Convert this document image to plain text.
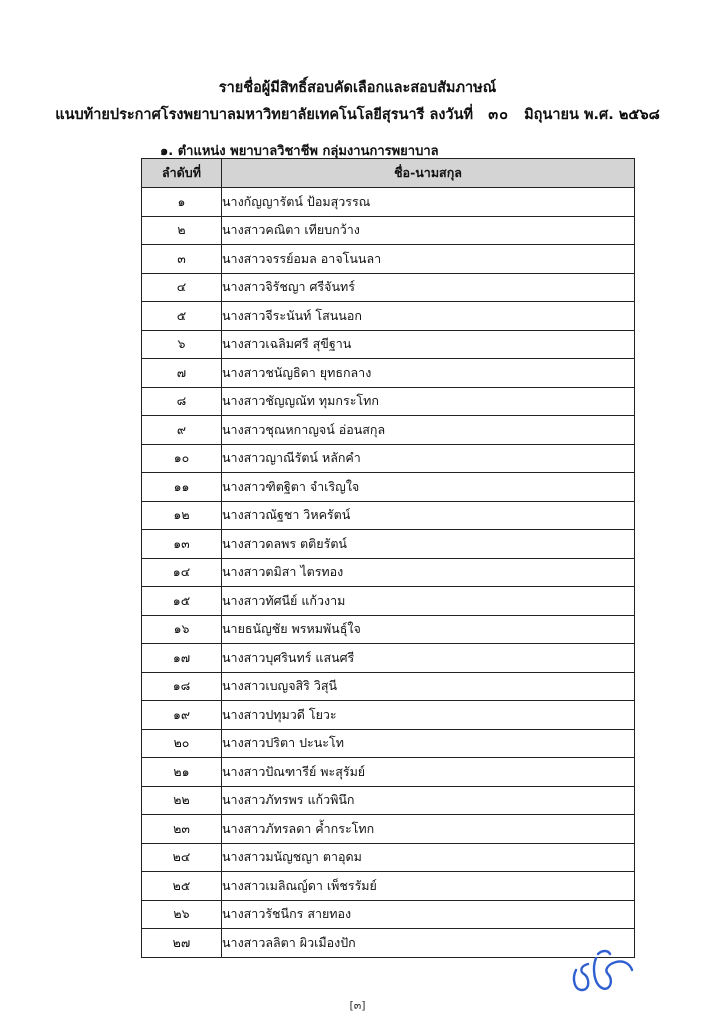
รายชื่อผู้มีสิทธิ์สอบคัดเลือกและสอบสัมภาษณ์
แนบท้ายประกาศโรงพยาบาลมหาวิทยาลัยเทคโนโลยีสุรนารี ลงวันที่ ๓๐ มิถุนายน พ.ศ. ๒๕๖๘
๑. ตำแหน่ง พยาบาลวิชาชีพ กลุ่มงานการพยาบาล
ลำดับที่	ชื่อ-นามสกุล
๑	นางกัญญารัตน์ ป้อมสุวรรณ
๒	นางสาวคณิตา เทียบกว้าง
๓	นางสาวจรรย์อมล อาจโนนลา
๔	นางสาวจิรัชญา ศรีจันทร์
๕	นางสาวจีระนันท์ โสนนอก
๖	นางสาวเฉลิมศรี สุขีฐาน
๗	นางสาวชนัญธิดา ยุทธกลาง
๘	นางสาวชัญญณัท ทุมกระโทก
๙	นางสาวชุณหกาญจน์ อ่อนสกุล
๑๐	นางสาวญาณีรัตน์ หลักคำ
๑๑	นางสาวฑิตฐิตา จำเริญใจ
๑๒	นางสาวณัฐชา วิหครัตน์
๑๓	นางสาวดลพร ตติยรัตน์
๑๔	นางสาวตมิสา ไตรทอง
๑๕	นางสาวทัศนีย์ แก้วงาม
๑๖	นายธนัญชัย พรหมพันธุ์ใจ
๑๗	นางสาวบุศรินทร์ แสนศรี
๑๘	นางสาวเบญจสิริ วิสุนี
๑๙	นางสาวปทุมวดี โยวะ
๒๐	นางสาวปริตา ปะนะโท
๒๑	นางสาวปัณฑารีย์ พะสุรัมย์
๒๒	นางสาวภัทรพร แก้วพินึก
๒๓	นางสาวภัทรลดา ค้ำกระโทก
๒๔	นางสาวมนัญชญา ตาอุดม
๒๕	นางสาวเมลิณญ์ดา เพ็ชรรัมย์
๒๖	นางสาวรัชนีกร สายทอง
๒๗	นางสาวลลิตา ผิวเมืองปัก
[๓]
